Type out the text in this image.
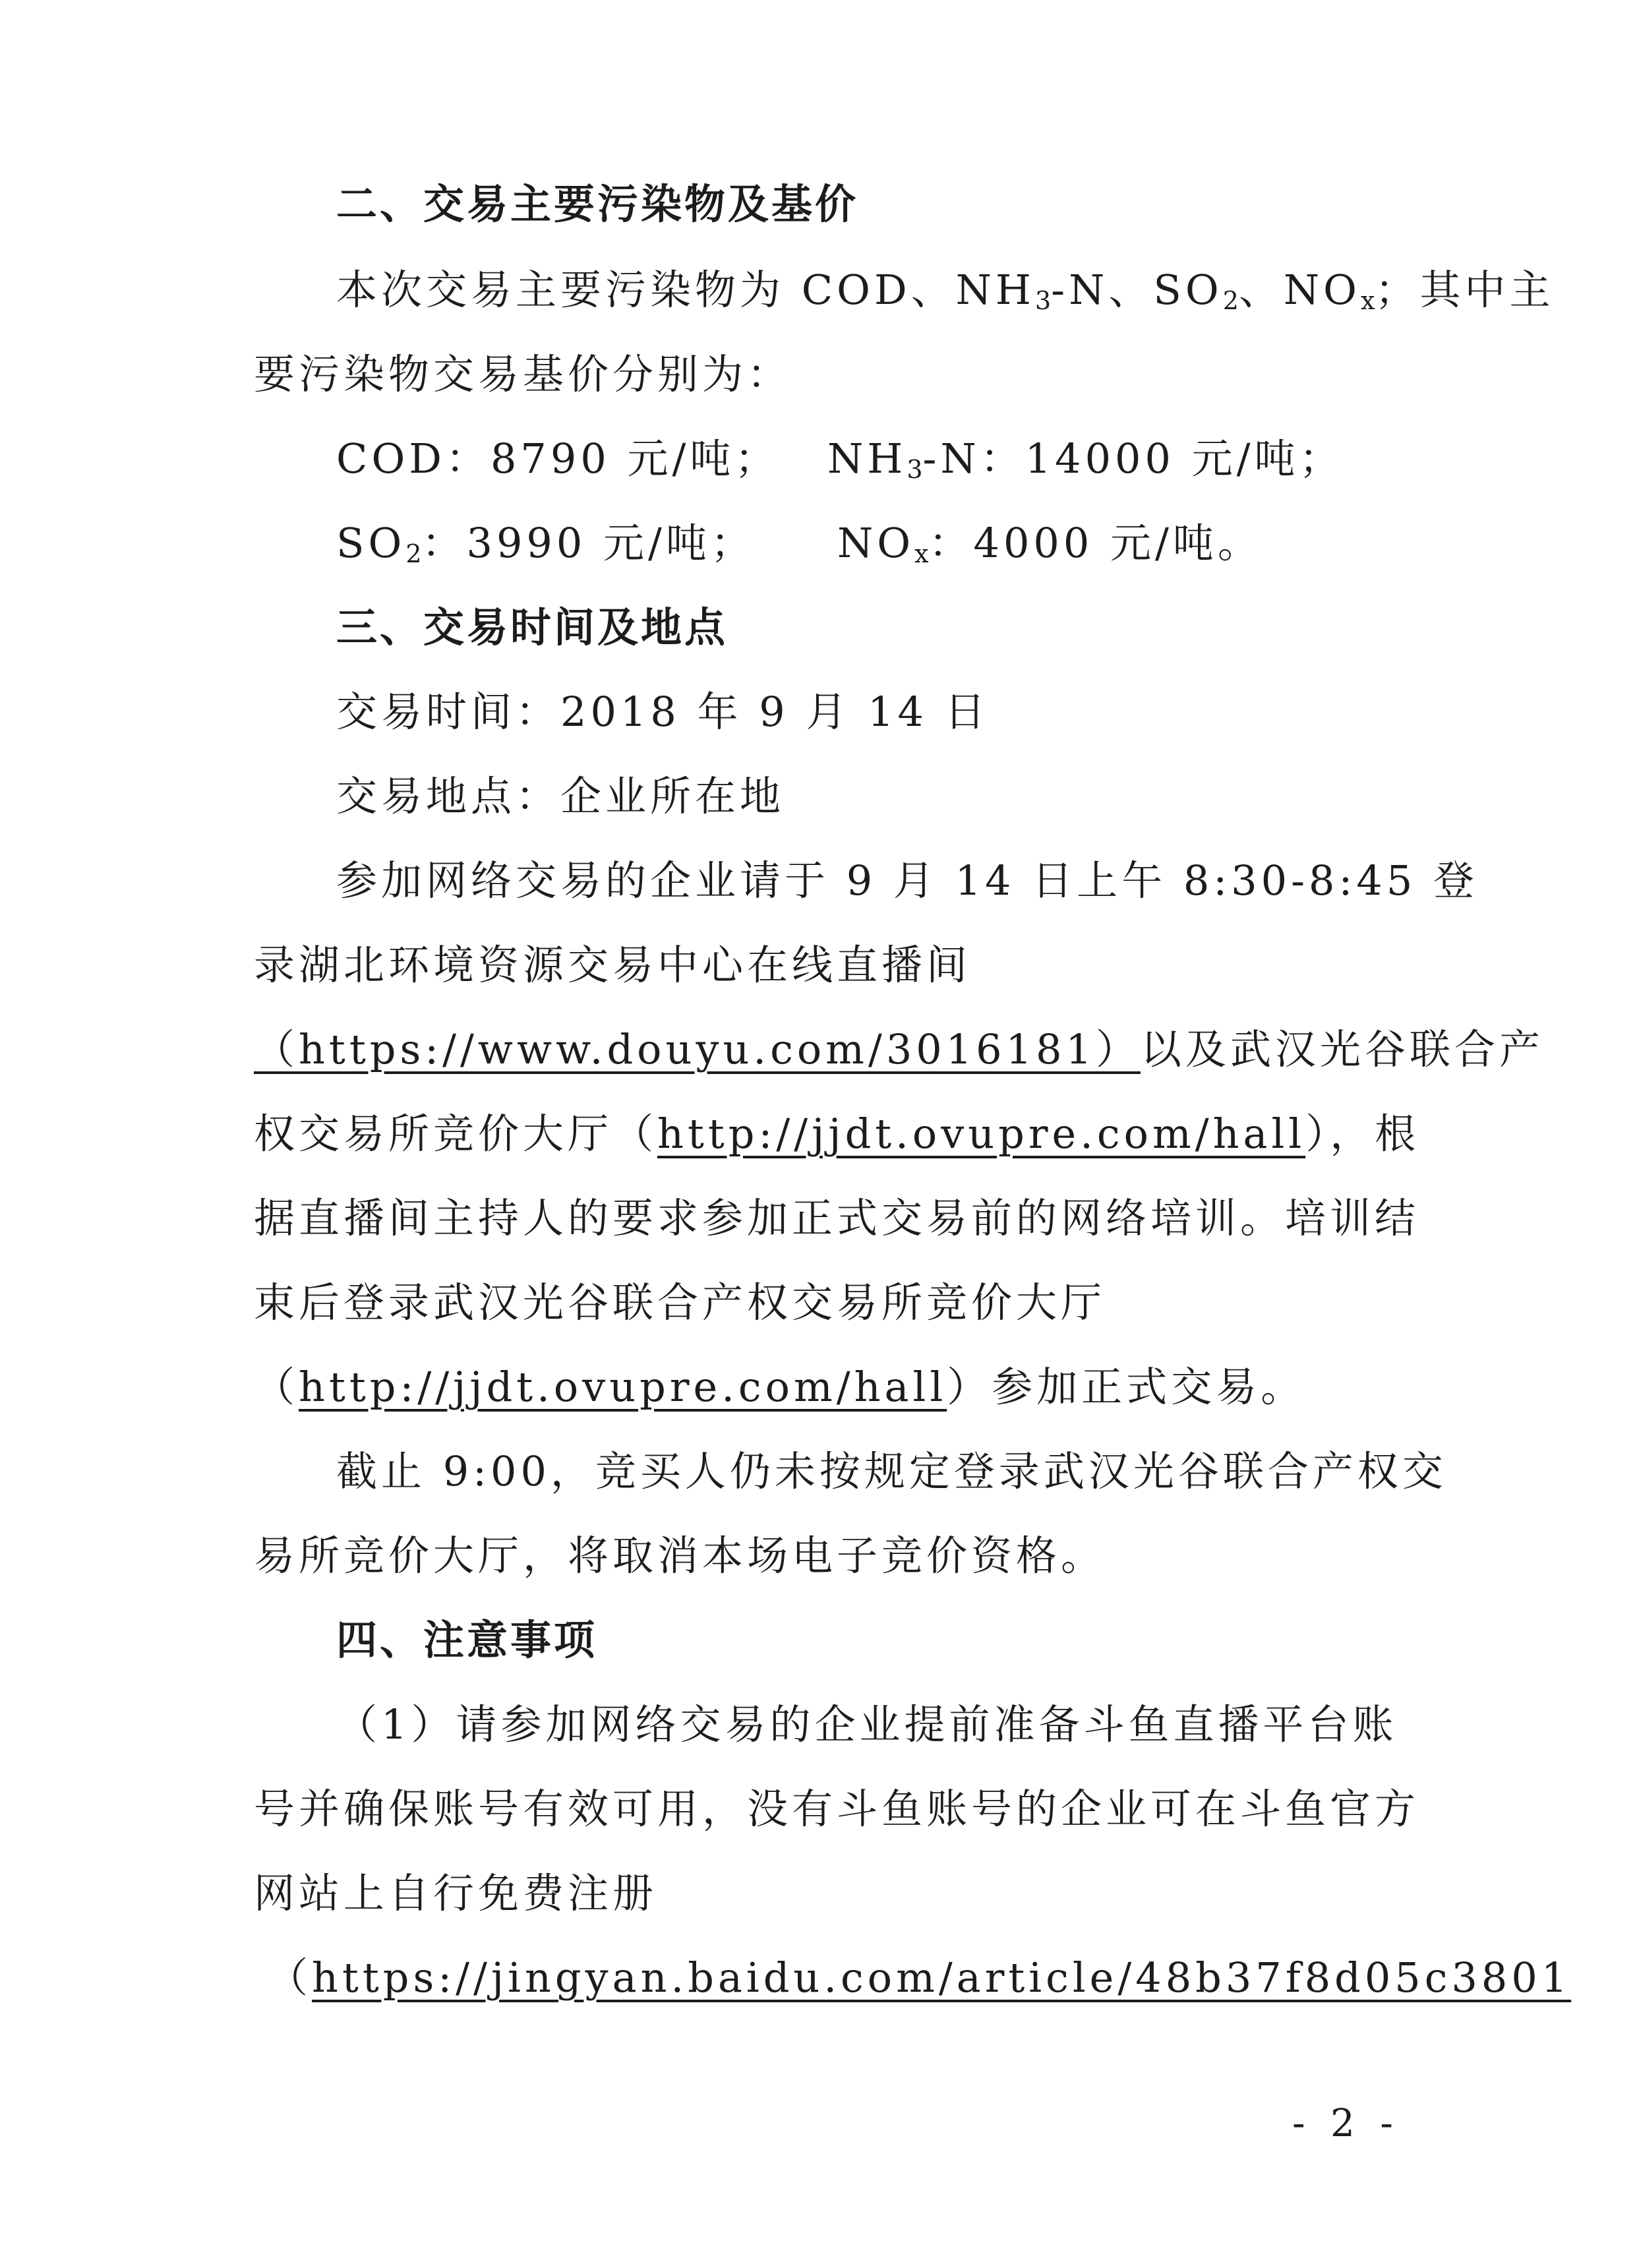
二、交易主要污染物及基价
本次交易主要污染物为 COD、$NH_3-N$、$SO_2$、$NO_x$；其中主
要污染物交易基价分别为：
COD：8790 元/吨； $NH_3-N$：14000 元/吨；
$SO_2$：3990 元/吨； $NO_x$：4000 元/吨。
三、交易时间及地点
交易时间：2018 年 9 月 14 日
交易地点：企业所在地
参加网络交易的企业请于 9 月 14 日上午 8:30-8:45 登
录湖北环境资源交易中心在线直播间
（https://www.douyu.com/3016181）以及武汉光谷联合产
权交易所竞价大厅（http://jjdt.ovupre.com/hall），根
据直播间主持人的要求参加正式交易前的网络培训。培训结
束后登录武汉光谷联合产权交易所竞价大厅
（http://jjdt.ovupre.com/hall）参加正式交易。
截止 9:00，竞买人仍未按规定登录武汉光谷联合产权交
易所竞价大厅，将取消本场电子竞价资格。
四、注意事项
（1）请参加网络交易的企业提前准备斗鱼直播平台账
号并确保账号有效可用，没有斗鱼账号的企业可在斗鱼官方
网站上自行免费注册
（https://jingyan.baidu.com/article/48b37f8d05c3801
- 2 -
